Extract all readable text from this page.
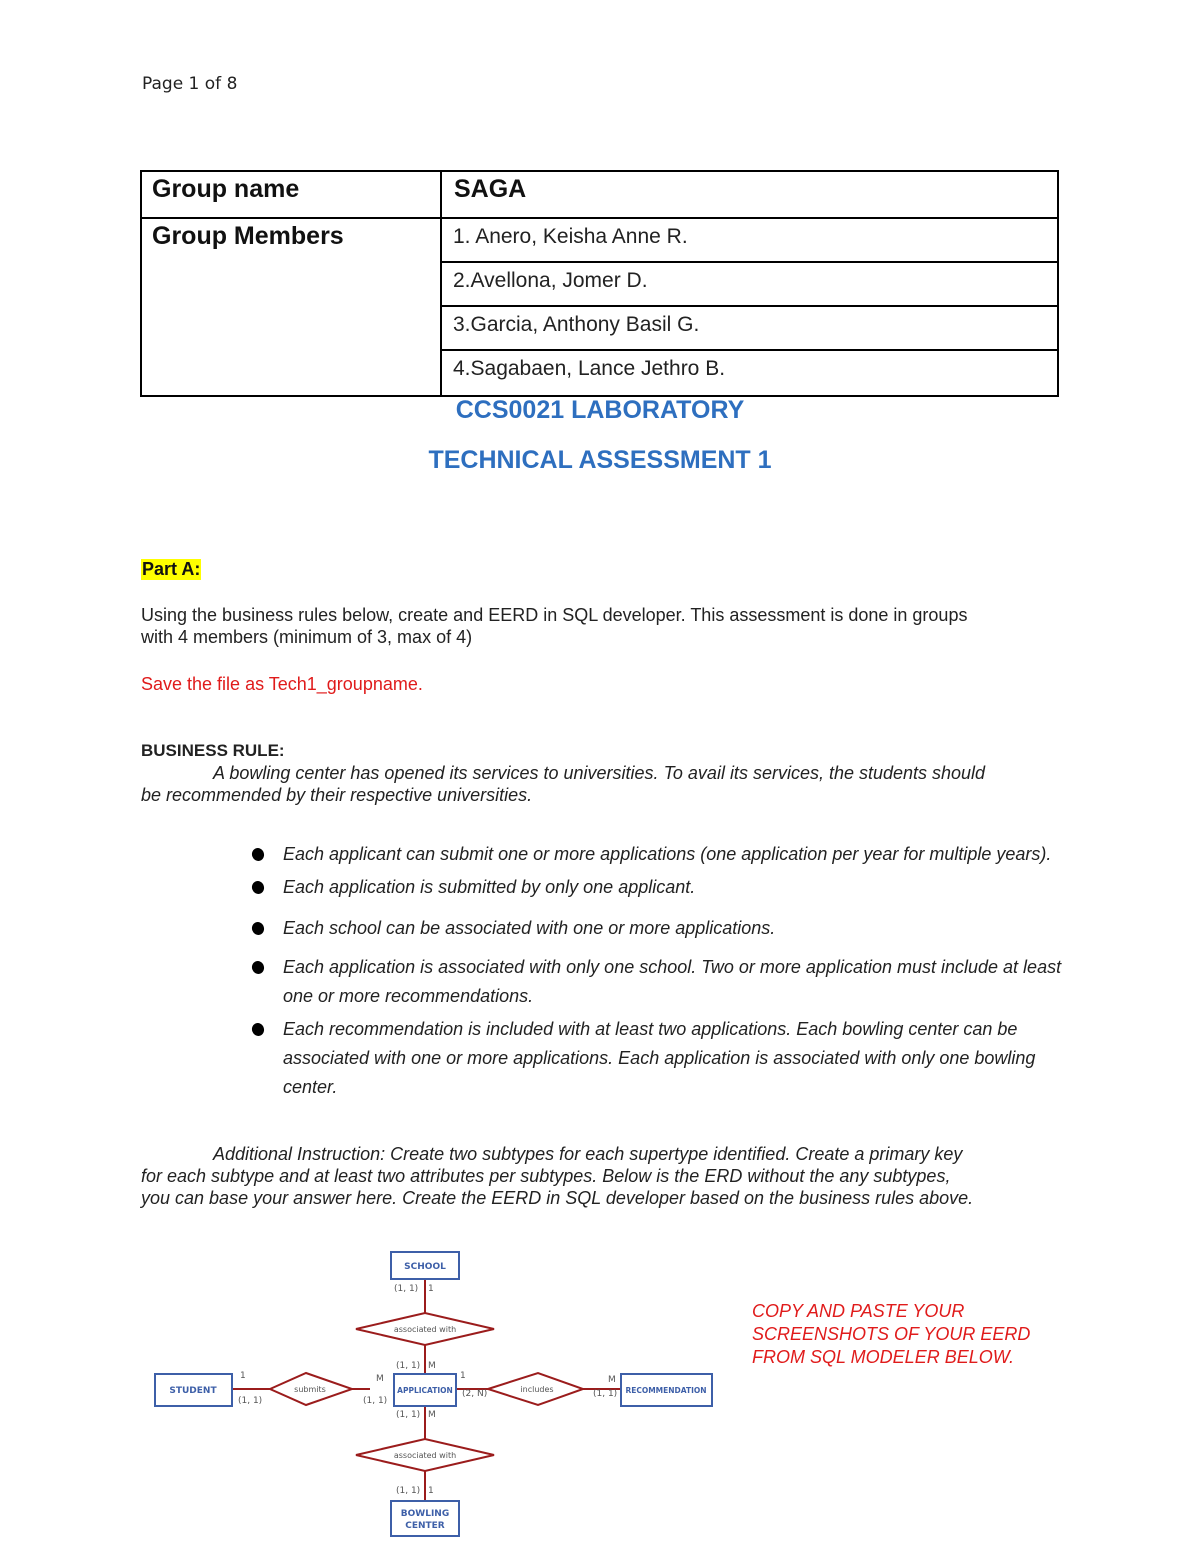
Page 1 of 8
Group name	SAGA

Group Members	1. Anero, Keisha Anne R.
2.Avellona, Jomer D.
3.Garcia, Anthony Basil G.
4.Sagabaen, Lance Jethro B.
CCS0021 LABORATORY
TECHNICAL ASSESSMENT 1
Part A:
Using the business rules below, create and EERD in SQL developer. This assessment is done in groups
with 4 members (minimum of 3, max of 4)
Save the file as Tech1_groupname.
BUSINESS RULE:
A bowling center has opened its services to universities. To avail its services, the students should
be recommended by their respective universities.
Each applicant can submit one or more applications (one application per year for multiple years).
Each application is submitted by only one applicant.
Each school can be associated with one or more applications.
Each application is associated with only one school. Two or more application must include at least one or more recommendations.
Each recommendation is included with at least two applications. Each bowling center can be associated with one or more applications. Each application is associated with only one bowling center.
Additional Instruction: Create two subtypes for each supertype identified. Create a primary key
for each subtype and at least two attributes per subtypes. Below is the ERD without the any subtypes,
you can base your answer here. Create the EERD in SQL developer based on the business rules above.
associated with
submits	includes
associated with
SCHOOL
STUDENT	APPLICATION	RECOMMENDATION
BOWLING
CENTER
(1, 1) 1
(1, 1) M
1
(1, 1)
M
(1, 1)
1
(2, N)
M
(1, 1)
(1, 1) M
(1, 1) 1
COPY AND PASTE YOUR
SCREENSHOTS OF YOUR EERD
FROM SQL MODELER BELOW.
